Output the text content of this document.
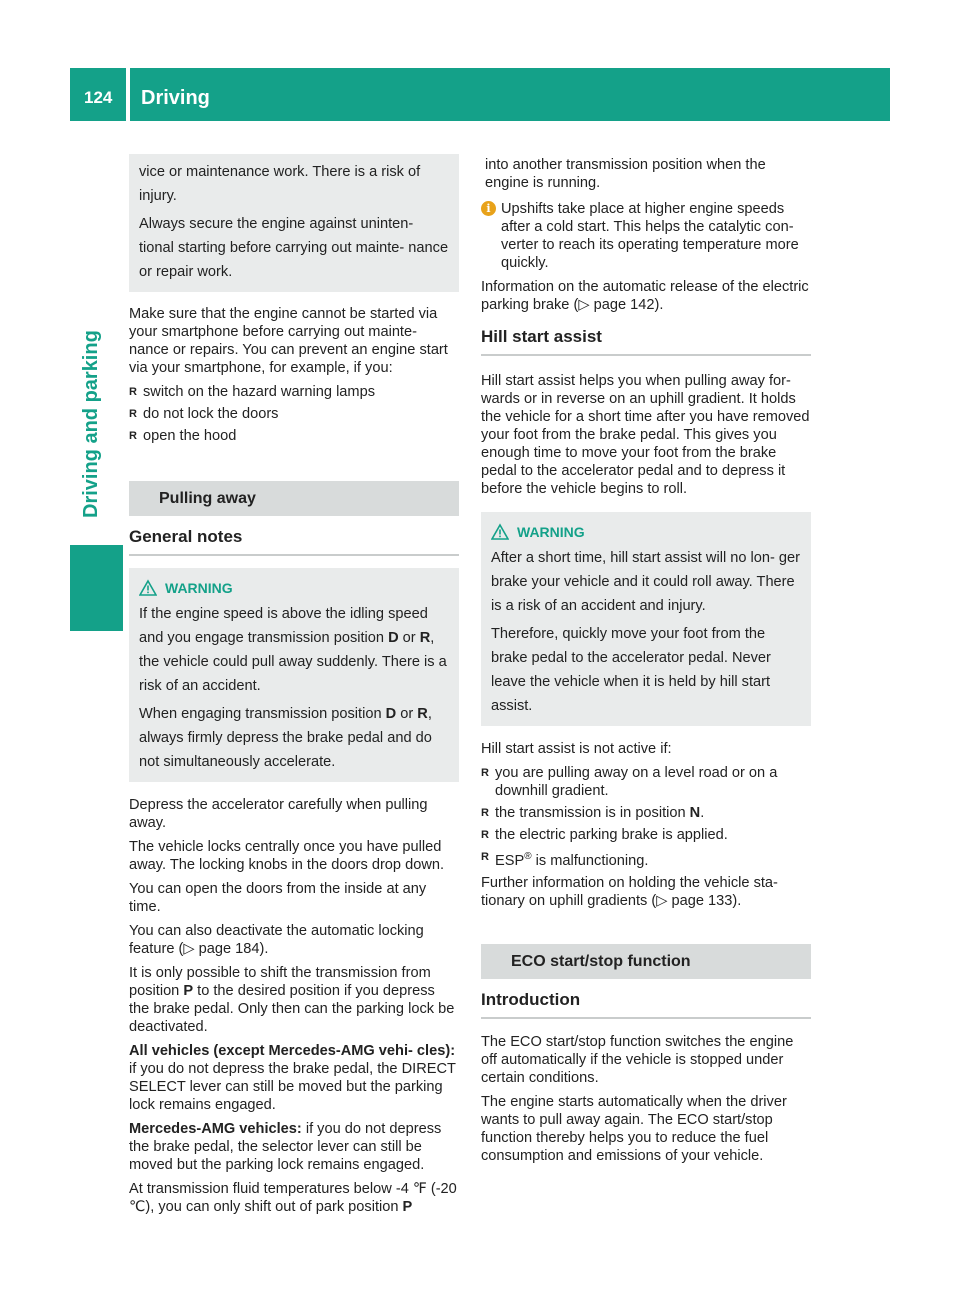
124 Driving
Driving and parking

vice or maintenance work. There is a risk of injury.

Always secure the engine against uninten- tional starting before carrying out mainte- nance or repair work.

Make sure that the engine cannot be started via your smartphone before carrying out mainte- nance or repairs. You can prevent an engine start via your smartphone, for example, if you:

R switch on the hazard warning lamps
R do not lock the doors
R open the hood
Pulling away
General notes
WARNING

If the engine speed is above the idling speed and you engage transmission position D or R, the vehicle could pull away suddenly. There is a risk of an accident.

When engaging transmission position D or R, always firmly depress the brake pedal and do not simultaneously accelerate.

Depress the accelerator carefully when pulling away.

The vehicle locks centrally once you have pulled away. The locking knobs in the doors drop down.

You can open the doors from the inside at any time.

You can also deactivate the automatic locking feature (▷ page 184).

It is only possible to shift the transmission from position P to the desired position if you depress the brake pedal. Only then can the parking lock be deactivated.

All vehicles (except Mercedes-AMG vehi- cles): if you do not depress the brake pedal, the DIRECT SELECT lever can still be moved but the parking lock remains engaged.

Mercedes-AMG vehicles: if you do not depress the brake pedal, the selector lever can still be moved but the parking lock remains engaged.

At transmission fluid temperatures below -4 ℉ (-20 ℃), you can only shift out of park position P

into another transmission position when the engine is running.

i Upshifts take place at higher engine speeds after a cold start. This helps the catalytic con- verter to reach its operating temperature more quickly.

Information on the automatic release of the electric parking brake (▷ page 142).

Hill start assist

Hill start assist helps you when pulling away for- wards or in reverse on an uphill gradient. It holds the vehicle for a short time after you have removed your foot from the brake pedal. This gives you enough time to move your foot from the brake pedal to the accelerator pedal and to depress it before the vehicle begins to roll.

WARNING

After a short time, hill start assist will no lon- ger brake your vehicle and it could roll away. There is a risk of an accident and injury.

Therefore, quickly move your foot from the brake pedal to the accelerator pedal. Never leave the vehicle when it is held by hill start assist.

Hill start assist is not active if:

R you are pulling away on a level road or on a downhill gradient.
R the transmission is in position N.
R the electric parking brake is applied.
R ESP® is malfunctioning.

Further information on holding the vehicle sta- tionary on uphill gradients (▷ page 133).

ECO start/stop function
Introduction

The ECO start/stop function switches the engine off automatically if the vehicle is stopped under certain conditions.

The engine starts automatically when the driver wants to pull away again. The ECO start/stop function thereby helps you to reduce the fuel consumption and emissions of your vehicle.
